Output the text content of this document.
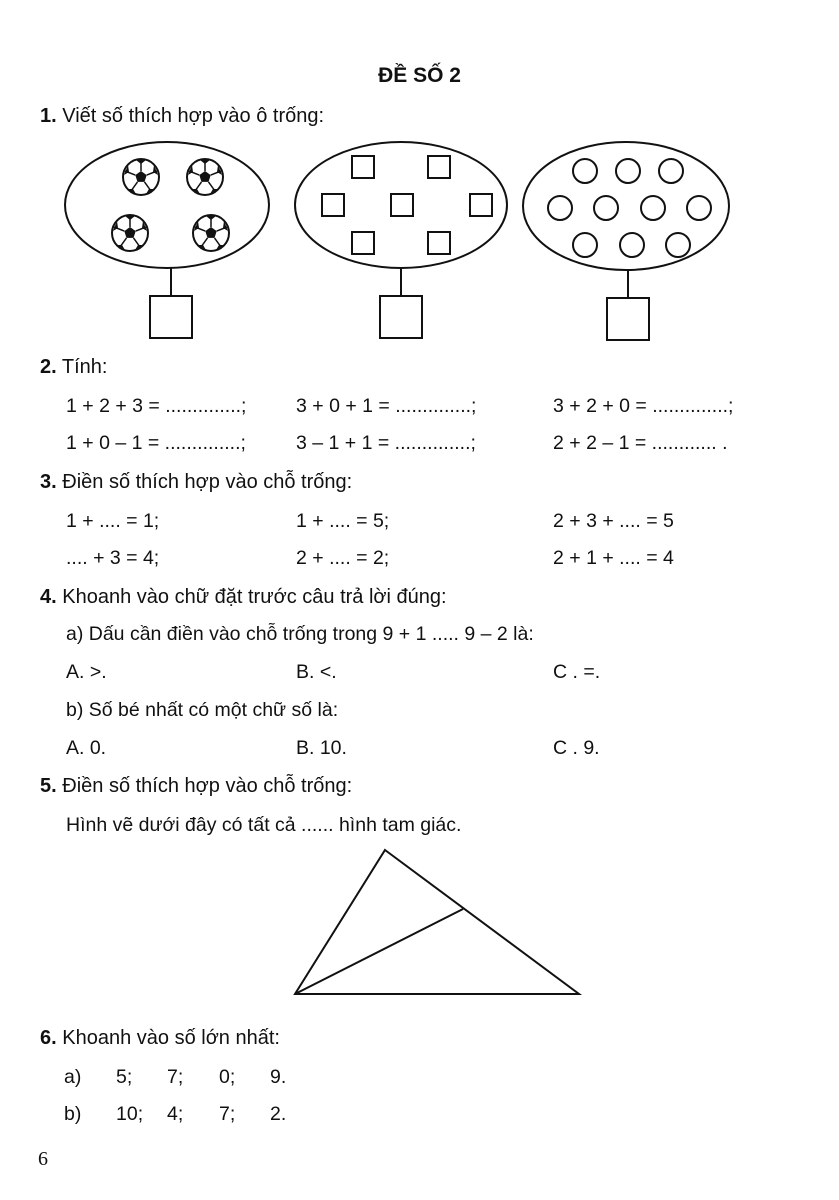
ĐỀ SỐ 2
1. Viết số thích hợp vào ô trống:
2. Tính:
1 + 2 + 3 = ..............;	3 + 0 + 1 = ..............;	3 + 2 + 0 = ..............;
1 + 0 – 1 = ..............;	3 – 1 + 1 = ..............;	2 + 2 – 1 = ............ .
3. Điền số thích hợp vào chỗ trống:
1 + .... = 1;	1 + .... = 5;	2 + 3 + .... = 5
.... + 3 = 4;	2 + .... = 2;	2 + 1 + .... = 4
4. Khoanh vào chữ đặt trước câu trả lời đúng:
a) Dấu cần điền vào chỗ trống trong 9 + 1 ..... 9 – 2 là:
A. >.	B. <.	C . =.
b) Số bé nhất có một chữ số là:
A. 0.	B. 10.	C . 9.
5. Điền số thích hợp vào chỗ trống:
Hình vẽ dưới đây có tất cả ...... hình tam giác.
6. Khoanh vào số lớn nhất:
a) 5; 7; 0; 9.
b) 10; 4; 7; 2.
6
